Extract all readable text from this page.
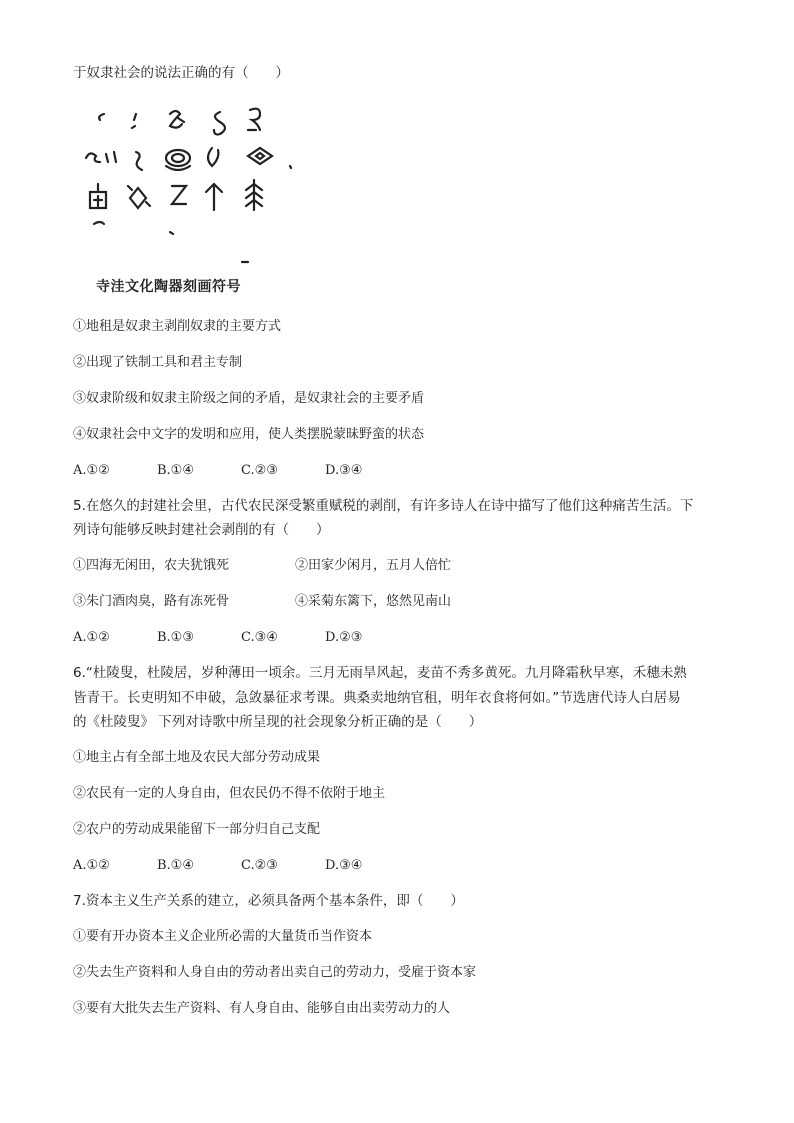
于奴隶社会的说法正确的有（　　）
寺洼文化陶器刻画符号
①地租是奴隶主剥削奴隶的主要方式
②出现了铁制工具和君主专制
③奴隶阶级和奴隶主阶级之间的矛盾，是奴隶社会的主要矛盾
④奴隶社会中文字的发明和应用，使人类摆脱蒙昧野蛮的状态
A.①②	B.①④	C.②③	D.③④
5.在悠久的封建社会里，古代农民深受繁重赋税的剥削，有许多诗人在诗中描写了他们这种痛苦生活。下
列诗句能够反映封建社会剥削的有（　　）
①四海无闲田，农夫犹饿死	②田家少闲月，五月人倍忙
③朱门酒肉臭，路有冻死骨	④采菊东篱下，悠然见南山
A.①②	B.①③	C.③④	D.②③
6.“杜陵叟，杜陵居，岁种薄田一顷余。三月无雨旱风起，麦苗不秀多黄死。九月降霜秋早寒，禾穗未熟
皆青干。长吏明知不申破，急敛暴征求考课。典桑卖地纳官租，明年衣食将何如。”节选唐代诗人白居易
的《杜陵叟》 下列对诗歌中所呈现的社会现象分析正确的是（　　）
①地主占有全部土地及农民大部分劳动成果
②农民有一定的人身自由，但农民仍不得不依附于地主
②农户的劳动成果能留下一部分归自己支配
A.①②	B.①④	C.②③	D.③④
7.资本主义生产关系的建立，必须具备两个基本条件，即（　　）
①要有开办资本主义企业所必需的大量货币当作资本
②失去生产资料和人身自由的劳动者出卖自己的劳动力，受雇于资本家
③要有大批失去生产资料、有人身自由、能够自由出卖劳动力的人
